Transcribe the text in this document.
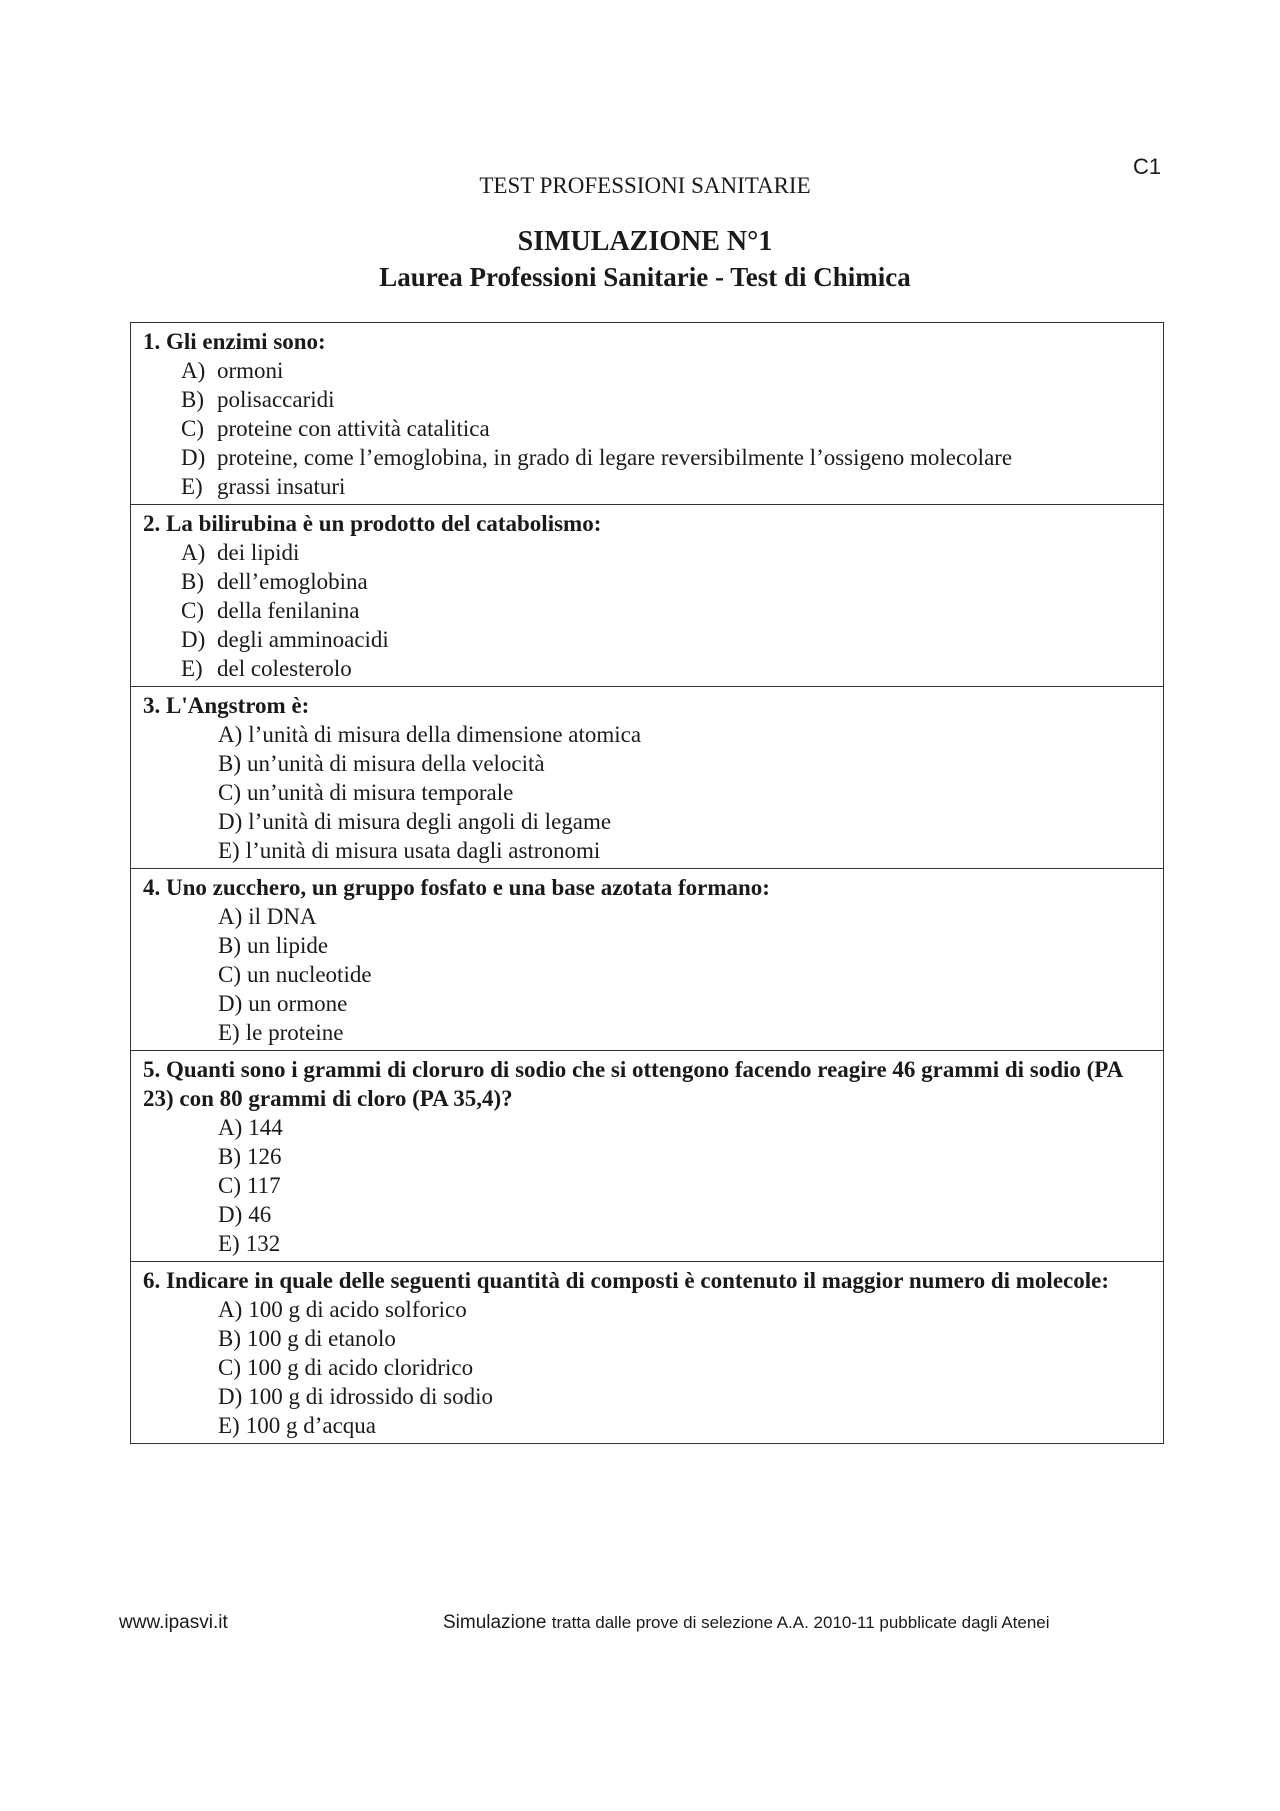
C1
TEST PROFESSIONI SANITARIE
SIMULAZIONE N°1
Laurea Professioni Sanitarie - Test di Chimica
1. Gli enzimi sono:
A) ormoni
B) polisaccaridi
C) proteine con attività catalitica
D) proteine, come l’emoglobina, in grado di legare reversibilmente l’ossigeno molecolare
E) grassi insaturi
2. La bilirubina è un prodotto del catabolismo:
A) dei lipidi
B) dell’emoglobina
C) della fenilanina
D) degli amminoacidi
E) del colesterolo
3. L'Angstrom è:
A) l’unità di misura della dimensione atomica
B) un’unità di misura della velocità
C) un’unità di misura temporale
D) l’unità di misura degli angoli di legame
E) l’unità di misura usata dagli astronomi
4. Uno zucchero, un gruppo fosfato e una base azotata formano:
A) il DNA
B) un lipide
C) un nucleotide
D) un ormone
E) le proteine
5. Quanti sono i grammi di cloruro di sodio che si ottengono facendo reagire 46 grammi di sodio (PA 23) con 80 grammi di cloro (PA 35,4)?
A) 144
B) 126
C) 117
D) 46
E) 132
6. Indicare in quale delle seguenti quantità di composti è contenuto il maggior numero di molecole:
A) 100 g di acido solforico
B) 100 g di etanolo
C) 100 g di acido cloridrico
D) 100 g di idrossido di sodio
E) 100 g d’acqua
www.ipasvi.it	Simulazione tratta dalle prove di selezione A.A. 2010-11 pubblicate dagli Atenei
